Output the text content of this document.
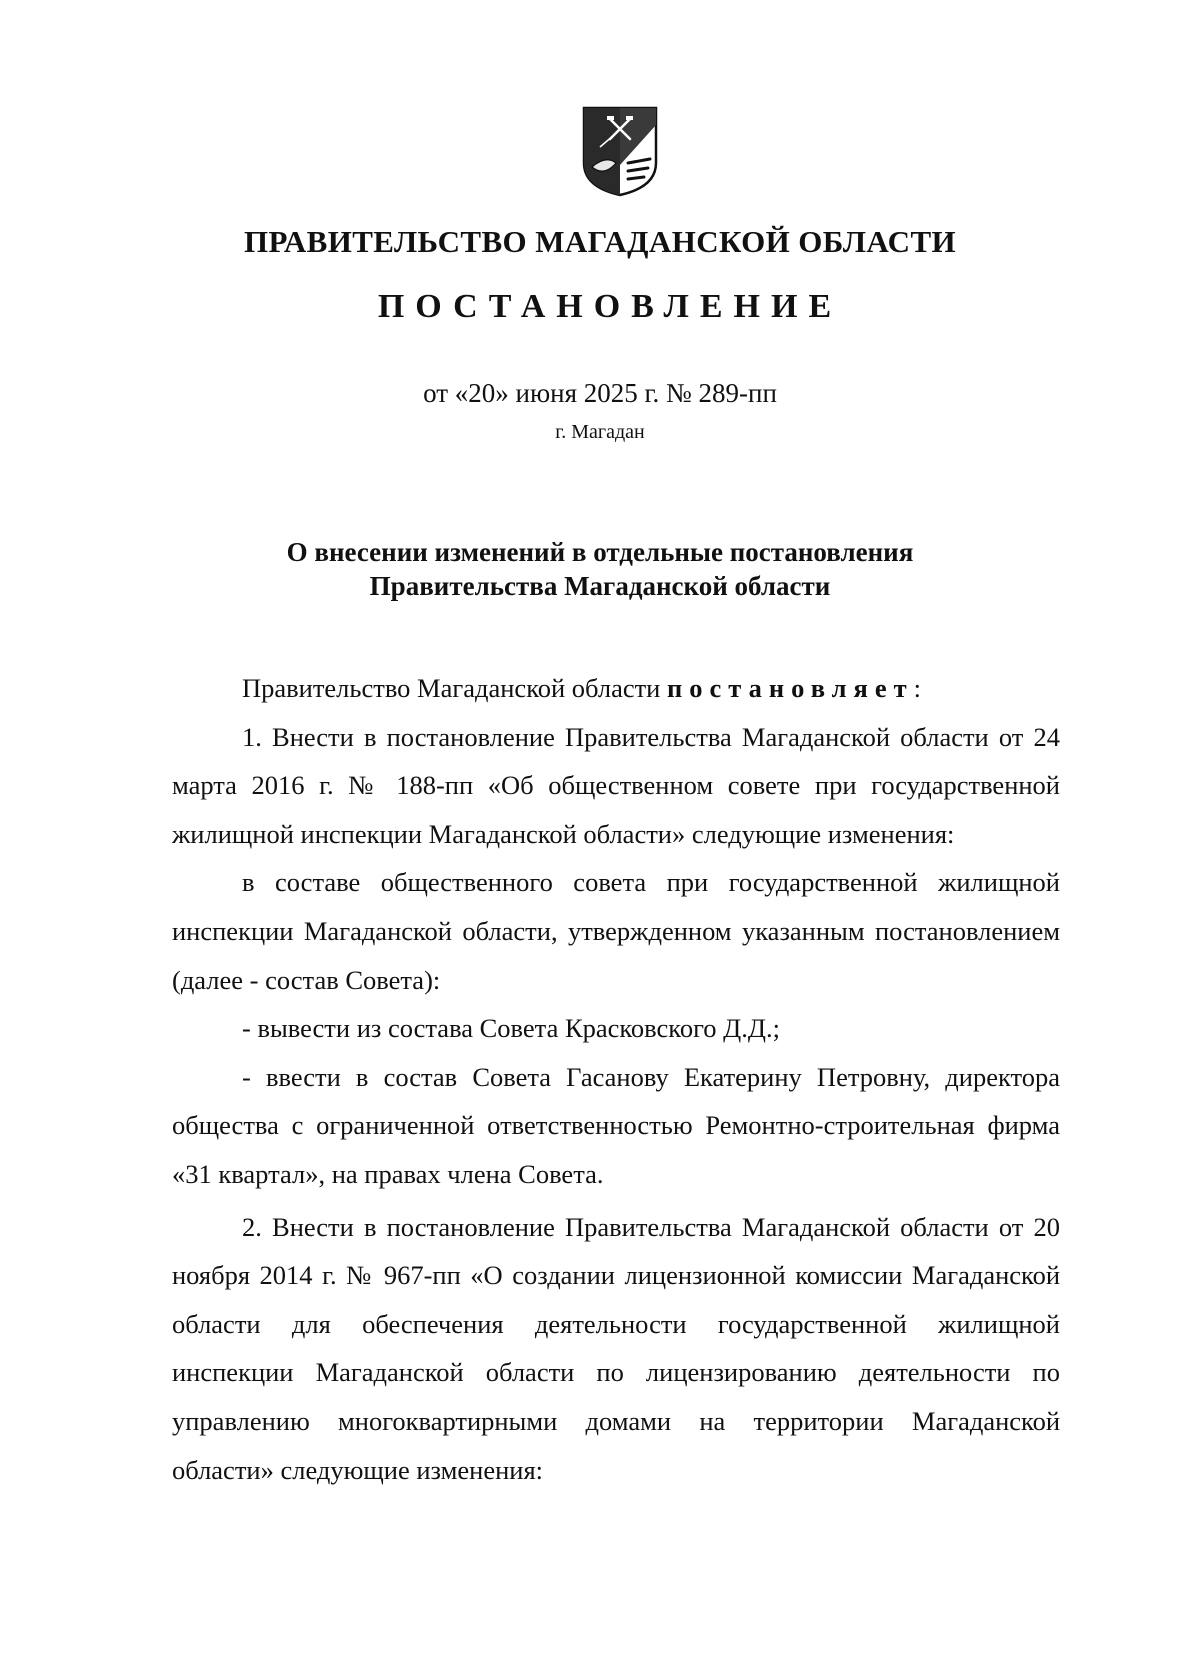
ПРАВИТЕЛЬСТВО МАГАДАНСКОЙ ОБЛАСТИ
ПОСТАНОВЛЕНИЕ
от «20» июня 2025 г. № 289-пп
г. Магадан
О внесении изменений в отдельные постановления
Правительства Магаданской области

Правительство Магаданской области постановляет:

1. Внести в постановление Правительства Магаданской области от 24 марта 2016 г. № 188-пп «Об общественном совете при государственной жилищной инспекции Магаданской области» следующие изменения:

в составе общественного совета при государственной жилищной инспекции Магаданской области, утвержденном указанным постановлением (далее - состав Совета):

- вывести из состава Совета Красковского Д.Д.;

- ввести в состав Совета Гасанову Екатерину Петровну, директора общества с ограниченной ответственностью Ремонтно-строительная фирма «31 квартал», на правах члена Совета.

2. Внести в постановление Правительства Магаданской области от 20 ноября 2014 г. № 967-пп «О создании лицензионной комиссии Магаданской области для обеспечения деятельности государственной жилищной инспекции Магаданской области по лицензированию деятельности по управлению многоквартирными домами на территории Магаданской области» следующие изменения:
